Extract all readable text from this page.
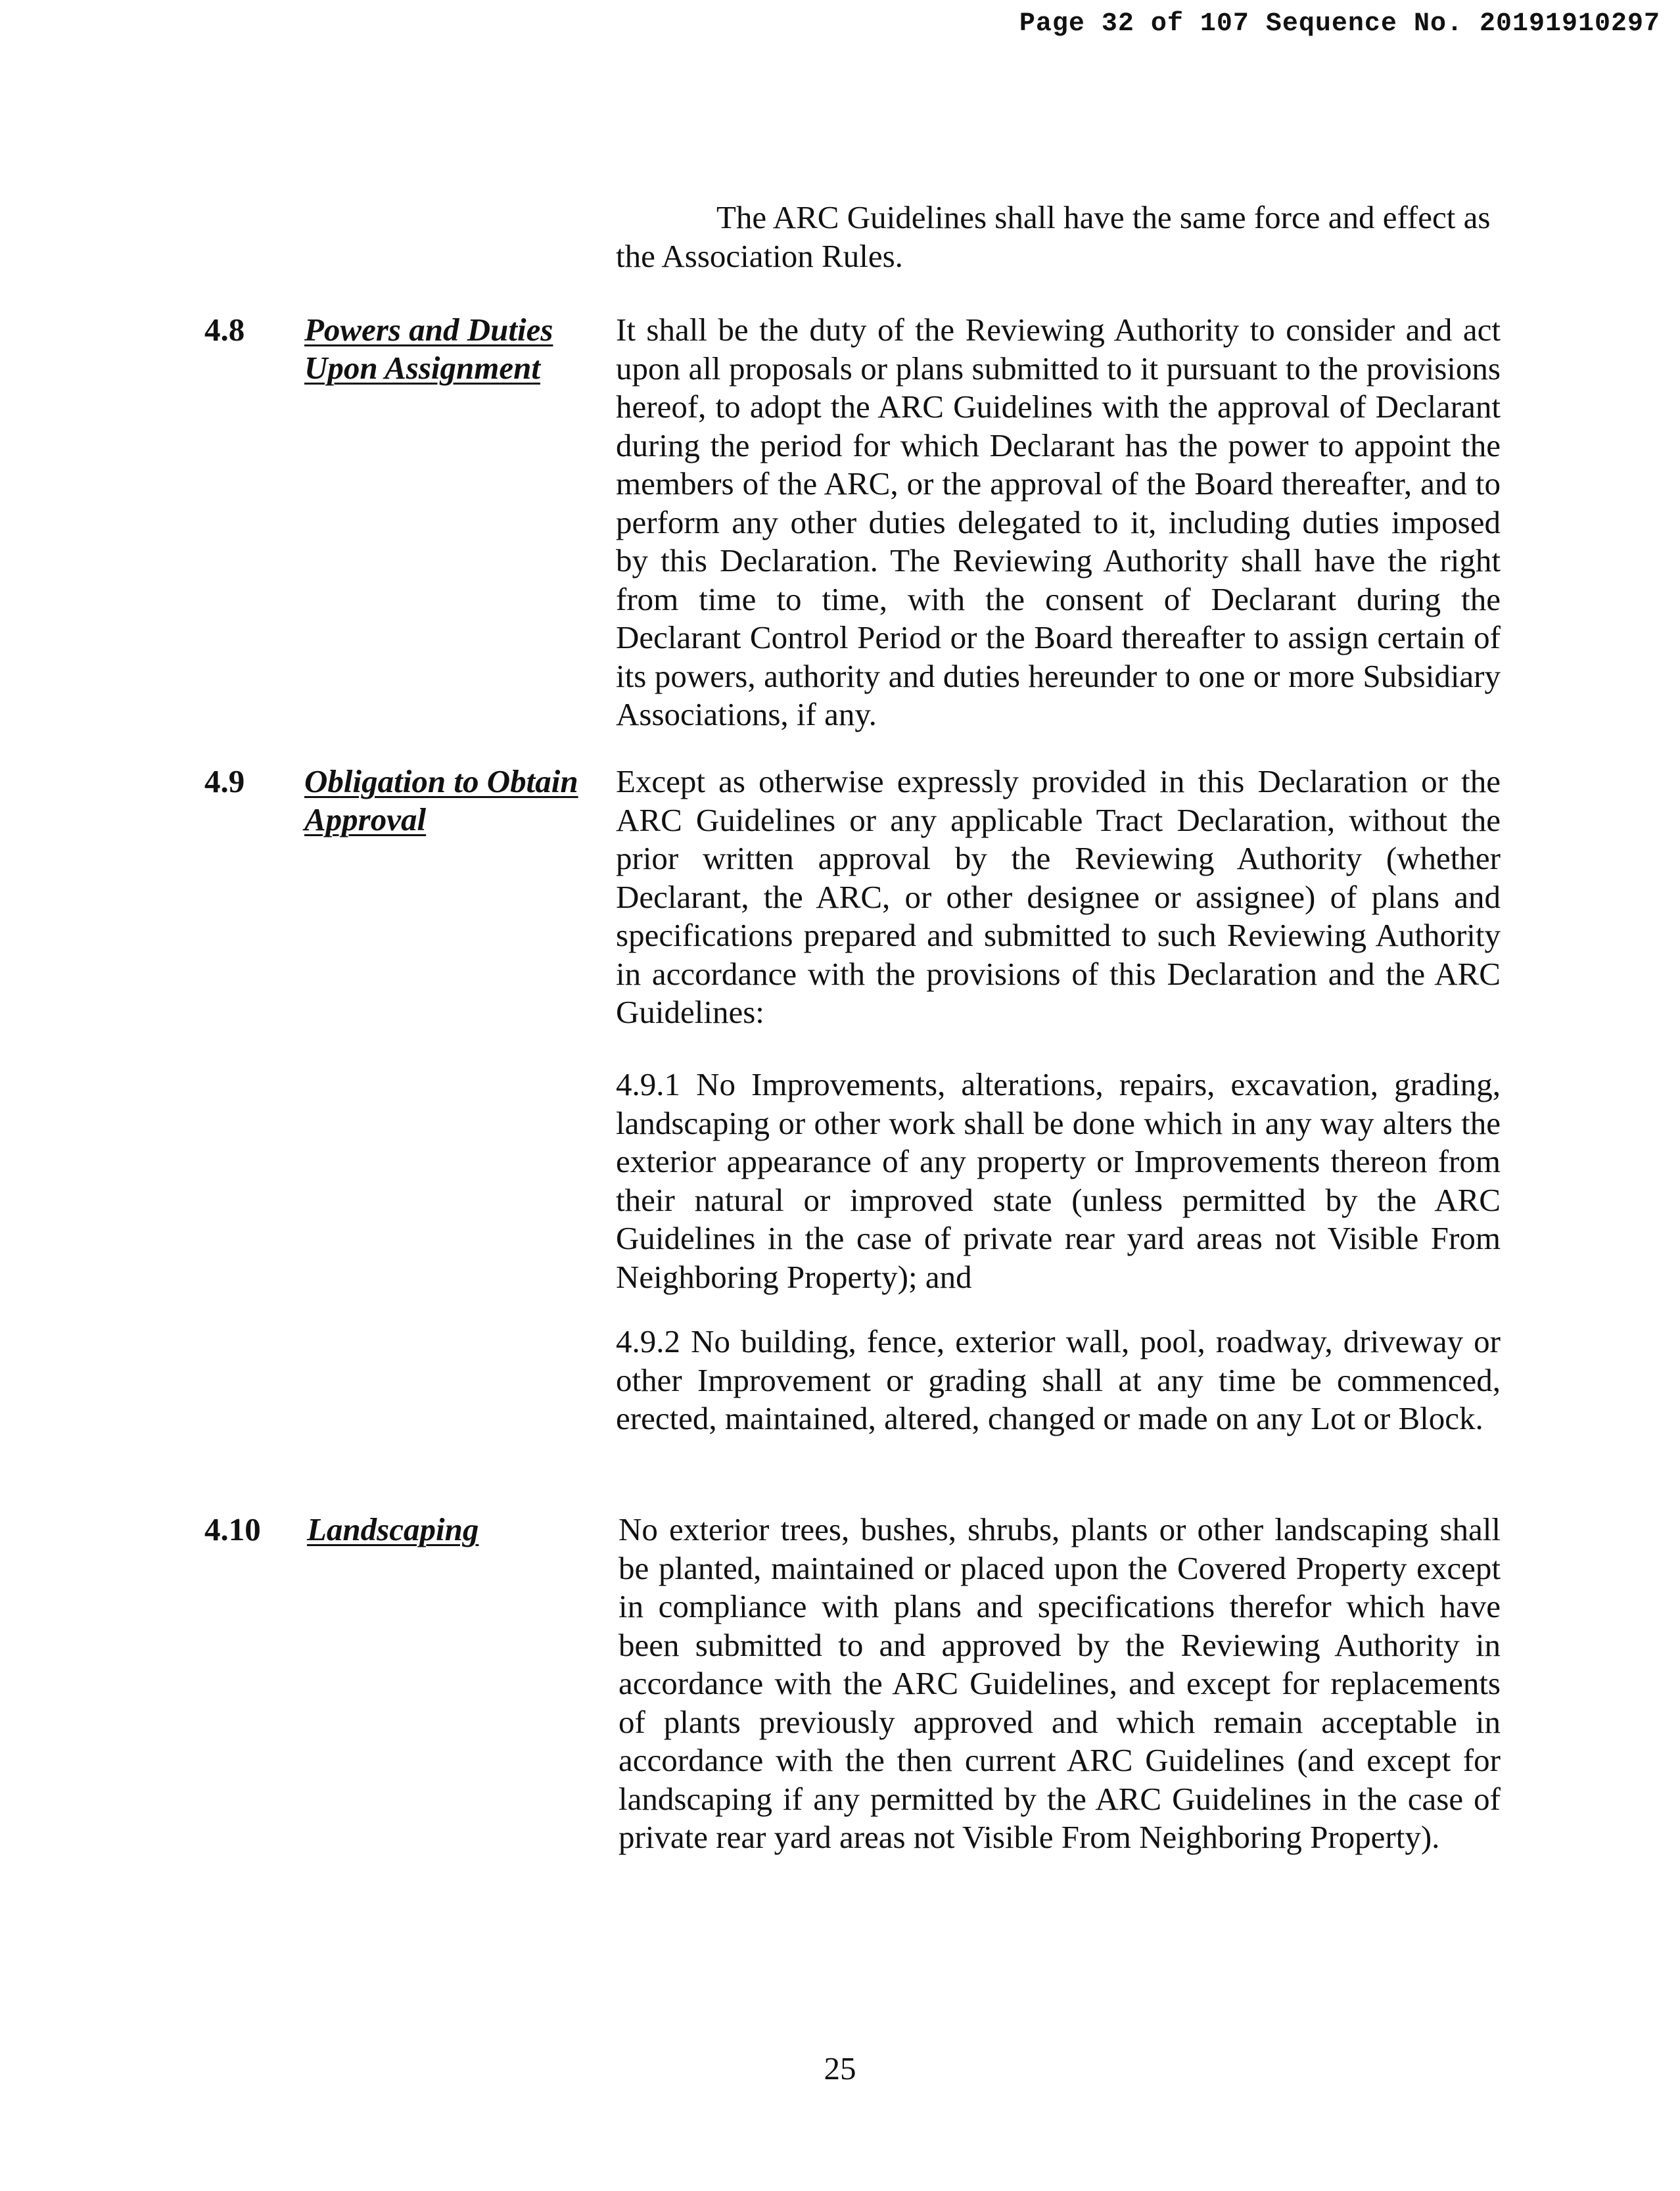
Page 32 of 107 Sequence No. 20191910297
The ARC Guidelines shall have the same force and effect as the Association Rules.
4.8 Powers and Duties
Upon Assignment
It shall be the duty of the Reviewing Authority to consider and act upon all proposals or plans submitted to it pursuant to the provisions hereof, to adopt the ARC Guidelines with the approval of Declarant during the period for which Declarant has the power to appoint the members of the ARC, or the approval of the Board thereafter, and to perform any other duties delegated to it, including duties imposed by this Declaration. The Reviewing Authority shall have the right from time to time, with the consent of Declarant during the Declarant Control Period or the Board thereafter to assign certain of its powers, authority and duties hereunder to one or more Subsidiary Associations, if any.
4.9 Obligation to Obtain
Approval
Except as otherwise expressly provided in this Declaration or the ARC Guidelines or any applicable Tract Declaration, without the prior written approval by the Reviewing Authority (whether Declarant, the ARC, or other designee or assignee) of plans and specifications prepared and submitted to such Reviewing Authority in accordance with the provisions of this Declaration and the ARC Guidelines:
4.9.1 No Improvements, alterations, repairs, excavation, grading, landscaping or other work shall be done which in any way alters the exterior appearance of any property or Improvements thereon from their natural or improved state (unless permitted by the ARC Guidelines in the case of private rear yard areas not Visible From Neighboring Property); and
4.9.2 No building, fence, exterior wall, pool, roadway, driveway or other Improvement or grading shall at any time be commenced, erected, maintained, altered, changed or made on any Lot or Block.
4.10 Landscaping	No exterior trees, bushes, shrubs, plants or other landscaping shall be planted, maintained or placed upon the Covered Property except in compliance with plans and specifications therefor which have been submitted to and approved by the Reviewing Authority in accordance with the ARC Guidelines, and except for replacements of plants previously approved and which remain acceptable in accordance with the then current ARC Guidelines (and except for landscaping if any permitted by the ARC Guidelines in the case of private rear yard areas not Visible From Neighboring Property).
25
